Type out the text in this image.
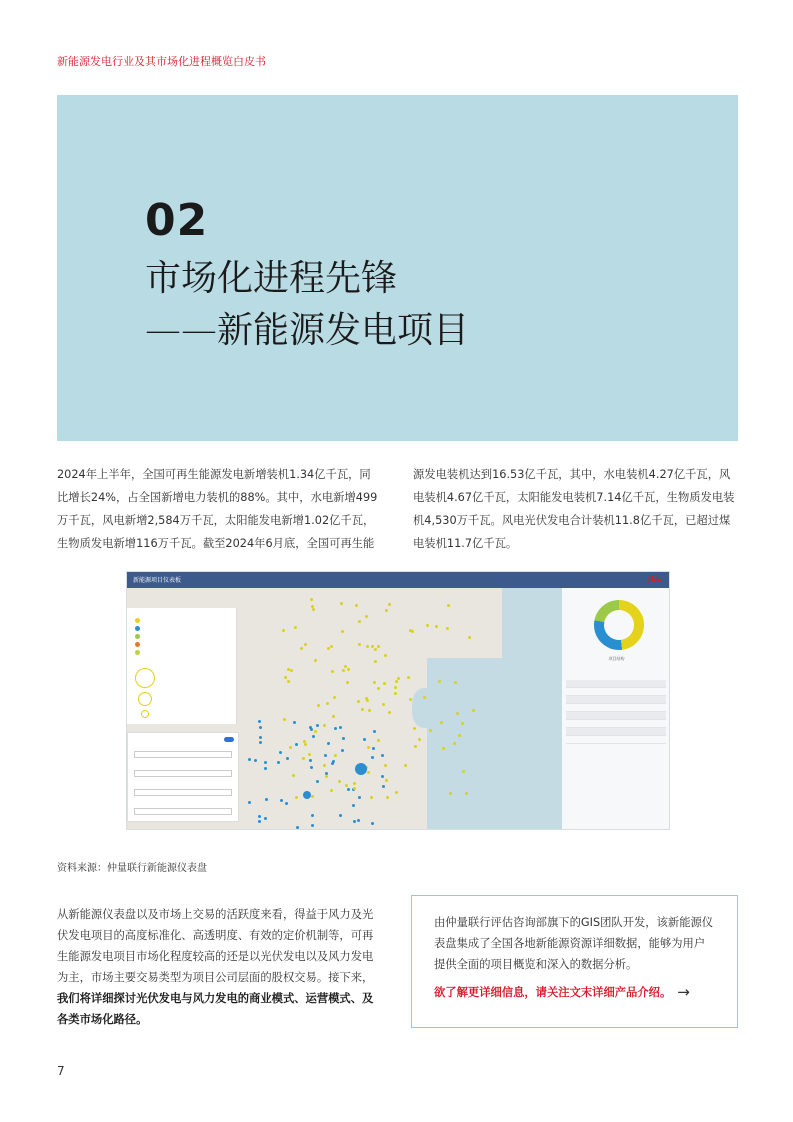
新能源发电行业及其市场化进程概览白皮书
02
市场化进程先锋
——新能源发电项目
2024年上半年，全国可再生能源发电新增装机1.34亿千瓦，同比增长24%，占全国新增电力装机的88%。其中，水电新增499万千瓦，风电新增2,584万千瓦，太阳能发电新增1.02亿千瓦，生物质发电新增116万千瓦。截至2024年6月底，全国可再生能
源发电装机达到16.53亿千瓦，其中，水电装机4.27亿千瓦，风电装机4.67亿千瓦，太阳能发电装机7.14亿千瓦，生物质发电装机4,530万千瓦。风电光伏发电合计装机11.8亿千瓦，已超过煤电装机11.7亿千瓦。
新能源项目仪表板	JLL
项目结构
资料来源：仲量联行新能源仪表盘
从新能源仪表盘以及市场上交易的活跃度来看，得益于风力及光伏发电项目的高度标准化、高透明度、有效的定价机制等，可再生能源发电项目市场化程度较高的还是以光伏发电以及风力发电为主，市场主要交易类型为项目公司层面的股权交易。接下来，我们将详细探讨光伏发电与风力发电的商业模式、运营模式、及各类市场化路径。
由仲量联行评估咨询部旗下的GIS团队开发，该新能源仪表盘集成了全国各地新能源资源详细数据，能够为用户提供全面的项目概览和深入的数据分析。
欲了解更详细信息，请关注文末详细产品介绍。 →
7
